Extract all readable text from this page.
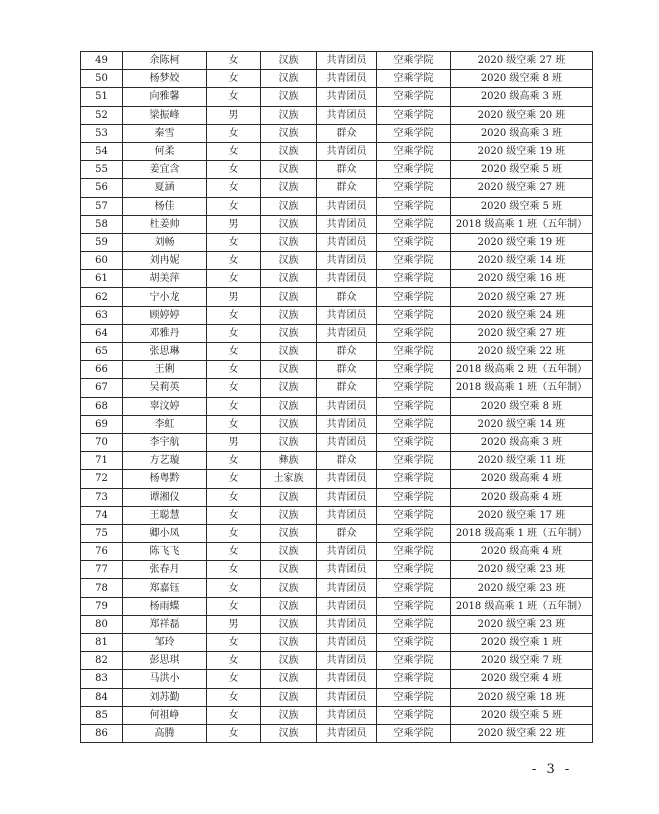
49	余陈柯	女	汉族	共青团员	空乘学院	2020 级空乘 27 班
50	杨梦姣	女	汉族	共青团员	空乘学院	2020 级空乘 8 班
51	向雅馨	女	汉族	共青团员	空乘学院	2020 级高乘 3 班
52	梁振峰	男	汉族	共青团员	空乘学院	2020 级空乘 20 班
53	秦雪	女	汉族	群众	空乘学院	2020 级高乘 3 班
54	何柔	女	汉族	共青团员	空乘学院	2020 级空乘 19 班
55	姜宜含	女	汉族	群众	空乘学院	2020 级空乘 5 班
56	夏涵	女	汉族	群众	空乘学院	2020 级空乘 27 班
57	杨佳	女	汉族	共青团员	空乘学院	2020 级空乘 5 班
58	杜姜帅	男	汉族	共青团员	空乘学院	2018 级高乘 1 班（五年制）
59	刘畅	女	汉族	共青团员	空乘学院	2020 级空乘 19 班
60	刘冉妮	女	汉族	共青团员	空乘学院	2020 级空乘 14 班
61	胡美萍	女	汉族	共青团员	空乘学院	2020 级空乘 16 班
62	宁小龙	男	汉族	群众	空乘学院	2020 级空乘 27 班
63	顾婷婷	女	汉族	共青团员	空乘学院	2020 级空乘 24 班
64	邓雅丹	女	汉族	共青团员	空乘学院	2020 级空乘 27 班
65	张思琳	女	汉族	群众	空乘学院	2020 级空乘 22 班
66	王俐	女	汉族	群众	空乘学院	2018 级高乘 2 班（五年制）
67	吴莉英	女	汉族	群众	空乘学院	2018 级高乘 1 班（五年制）
68	辜汶婷	女	汉族	共青团员	空乘学院	2020 级空乘 8 班
69	李虹	女	汉族	共青团员	空乘学院	2020 级空乘 14 班
70	李宇航	男	汉族	共青团员	空乘学院	2020 级高乘 3 班
71	方艺璇	女	彝族	群众	空乘学院	2020 级空乘 11 班
72	杨粤黔	女	土家族	共青团员	空乘学院	2020 级高乘 4 班
73	谭湘仪	女	汉族	共青团员	空乘学院	2020 级高乘 4 班
74	王聪慧	女	汉族	共青团员	空乘学院	2020 级空乘 17 班
75	卿小凤	女	汉族	群众	空乘学院	2018 级高乘 1 班（五年制）
76	陈飞飞	女	汉族	共青团员	空乘学院	2020 级高乘 4 班
77	张春月	女	汉族	共青团员	空乘学院	2020 级空乘 23 班
78	郑嘉钰	女	汉族	共青团员	空乘学院	2020 级空乘 23 班
79	杨雨蝶	女	汉族	共青团员	空乘学院	2018 级高乘 1 班（五年制）
80	郑祥磊	男	汉族	共青团员	空乘学院	2020 级空乘 23 班
81	邹玲	女	汉族	共青团员	空乘学院	2020 级空乘 1 班
82	彭思琪	女	汉族	共青团员	空乘学院	2020 级空乘 7 班
83	马洪小	女	汉族	共青团员	空乘学院	2020 级空乘 4 班
84	刘苏勤	女	汉族	共青团员	空乘学院	2020 级空乘 18 班
85	何祖峥	女	汉族	共青团员	空乘学院	2020 级空乘 5 班
86	高腾	女	汉族	共青团员	空乘学院	2020 级空乘 22 班
- 3 -
